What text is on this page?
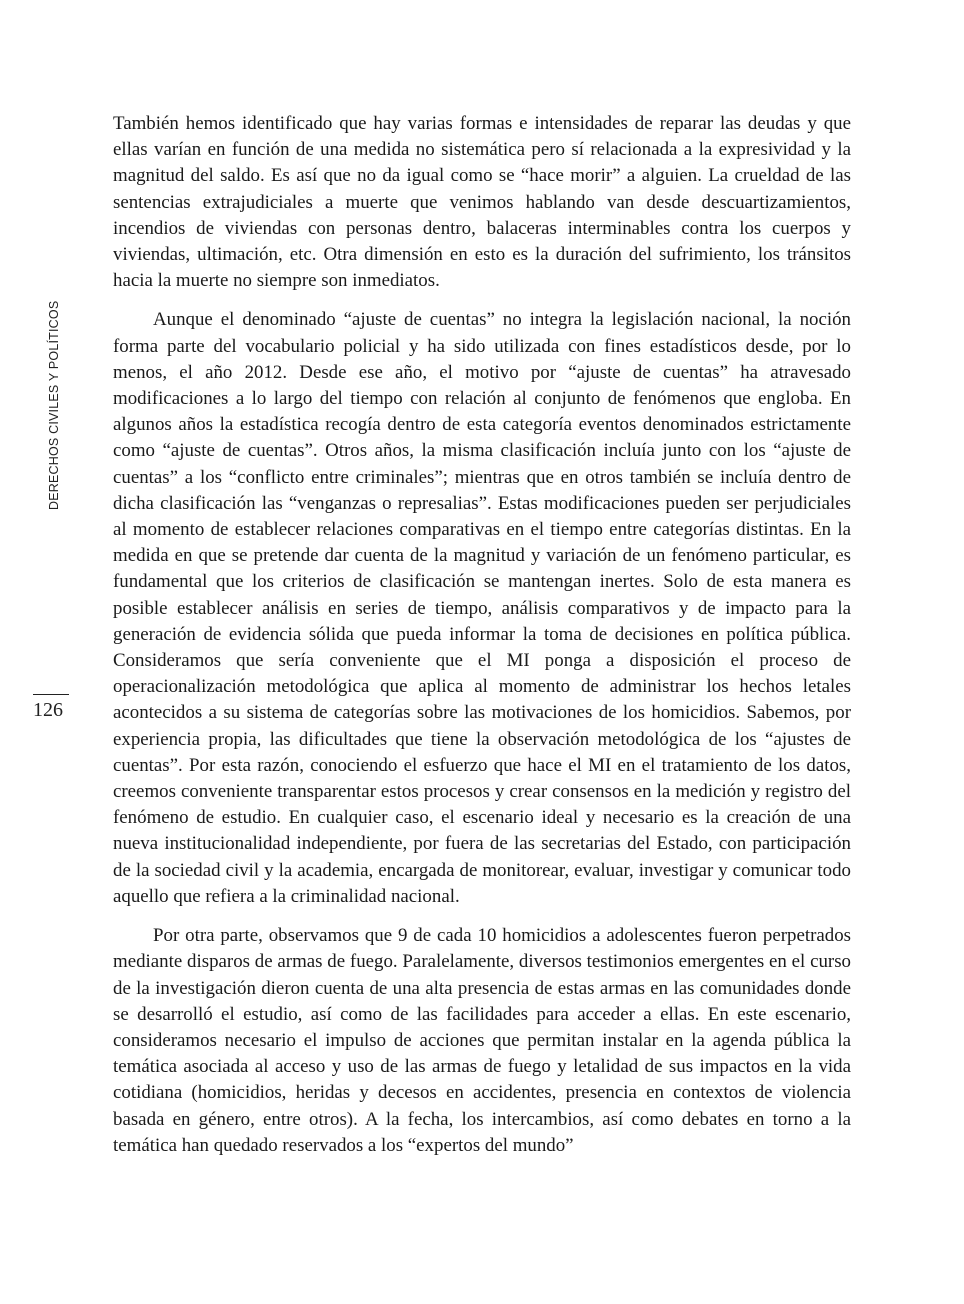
DERECHOS CIVILES Y POLÍTICOS
126

También hemos identificado que hay varias formas e intensidades de reparar las deudas y que ellas varían en función de una medida no sistemática pero sí relacionada a la expresividad y la magnitud del saldo. Es así que no da igual como se “hace morir” a alguien. La crueldad de las sentencias extrajudiciales a muerte que venimos hablando van desde descuartizamientos, incendios de viviendas con personas dentro, balaceras interminables contra los cuerpos y viviendas, ultimación, etc. Otra dimensión en esto es la duración del sufrimiento, los tránsitos hacia la muerte no siempre son inmediatos.

Aunque el denominado “ajuste de cuentas” no integra la legislación nacional, la noción forma parte del vocabulario policial y ha sido utilizada con fines estadísticos desde, por lo menos, el año 2012. Desde ese año, el motivo por “ajuste de cuentas” ha atravesado modificaciones a lo largo del tiempo con relación al conjunto de fenómenos que engloba. En algunos años la estadística recogía dentro de esta categoría eventos denominados estrictamente como “ajuste de cuentas”. Otros años, la misma clasificación incluía junto con los “ajuste de cuentas” a los “conflicto entre criminales”; mientras que en otros también se incluía dentro de dicha clasificación las “venganzas o represalias”. Estas modificaciones pueden ser perjudiciales al momento de establecer relaciones comparativas en el tiempo entre categorías distintas. En la medida en que se pretende dar cuenta de la magnitud y variación de un fenómeno particular, es fundamental que los criterios de clasificación se mantengan inertes. Solo de esta manera es posible establecer análisis en series de tiempo, análisis comparativos y de impacto para la generación de evidencia sólida que pueda informar la toma de decisiones en política pública. Consideramos que sería conveniente que el MI ponga a disposición el proceso de operacionalización metodológica que aplica al momento de administrar los hechos letales acontecidos a su sistema de categorías sobre las motivaciones de los homicidios. Sabemos, por experiencia propia, las dificultades que tiene la observación metodológica de los “ajustes de cuentas”. Por esta razón, conociendo el esfuerzo que hace el MI en el tratamiento de los datos, creemos conveniente transparentar estos procesos y crear consensos en la medición y registro del fenómeno de estudio. En cualquier caso, el escenario ideal y necesario es la creación de una nueva institucionalidad independiente, por fuera de las secretarias del Estado, con participación de la sociedad civil y la academia, encargada de monitorear, evaluar, investigar y comunicar todo aquello que refiera a la criminalidad nacional.

Por otra parte, observamos que 9 de cada 10 homicidios a adolescentes fueron perpetrados mediante disparos de armas de fuego. Paralelamente, diversos testimonios emergentes en el curso de la investigación dieron cuenta de una alta presencia de estas armas en las comunidades donde se desarrolló el estudio, así como de las facilidades para acceder a ellas. En este escenario, consideramos necesario el impulso de acciones que permitan instalar en la agenda pública la temática asociada al acceso y uso de las armas de fuego y letalidad de sus impactos en la vida cotidiana (homicidios, heridas y decesos en accidentes, presencia en contextos de violencia basada en género, entre otros). A la fecha, los intercambios, así como debates en torno a la temática han quedado reservados a los “expertos del mundo”
